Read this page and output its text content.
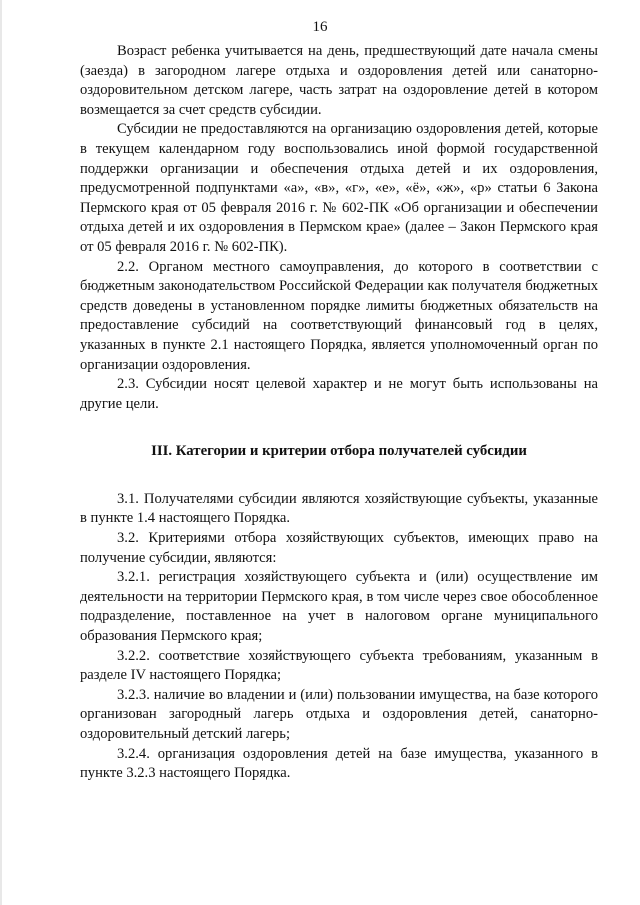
16

Возраст ребенка учитывается на день, предшествующий дате начала смены (заезда) в загородном лагере отдыха и оздоровления детей или санаторно-оздоровительном детском лагере, часть затрат на оздоровление детей в котором возмещается за счет средств субсидии.

Субсидии не предоставляются на организацию оздоровления детей, которые в текущем календарном году воспользовались иной формой государственной поддержки организации и обеспечения отдыха детей и их оздоровления, предусмотренной подпунктами «а», «в», «г», «е», «ё», «ж», «р» статьи 6 Закона Пермского края от 05 февраля 2016 г. № 602-ПК «Об организации и обеспечении отдыха детей и их оздоровления в Пермском крае» (далее – Закон Пермского края от 05 февраля 2016 г. № 602-ПК).

2.2. Органом местного самоуправления, до которого в соответствии с бюджетным законодательством Российской Федерации как получателя бюджетных средств доведены в установленном порядке лимиты бюджетных обязательств на предоставление субсидий на соответствующий финансовый год в целях, указанных в пункте 2.1 настоящего Порядка, является уполномоченный орган по организации оздоровления.

2.3. Субсидии носят целевой характер и не могут быть использованы на другие цели.

III. Категории и критерии отбора получателей субсидии

3.1. Получателями субсидии являются хозяйствующие субъекты, указанные в пункте 1.4 настоящего Порядка.

3.2. Критериями отбора хозяйствующих субъектов, имеющих право на получение субсидии, являются:

3.2.1. регистрация хозяйствующего субъекта и (или) осуществление им деятельности на территории Пермского края, в том числе через свое обособленное подразделение, поставленное на учет в налоговом органе муниципального образования Пермского края;

3.2.2. соответствие хозяйствующего субъекта требованиям, указанным в разделе IV настоящего Порядка;

3.2.3. наличие во владении и (или) пользовании имущества, на базе которого организован загородный лагерь отдыха и оздоровления детей, санаторно-оздоровительный детский лагерь;

3.2.4. организация оздоровления детей на базе имущества, указанного в пункте 3.2.3 настоящего Порядка.
